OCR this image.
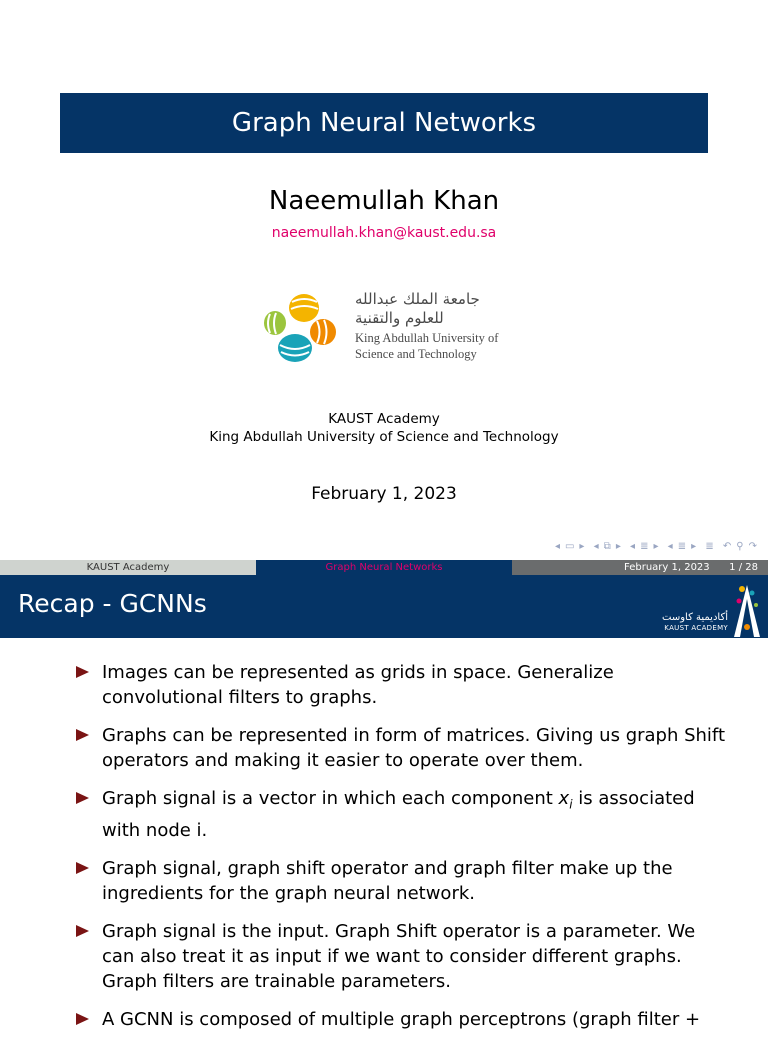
Graph Neural Networks
Naeemullah Khan
naeemullah.khan@kaust.edu.sa
جامعة الملك عبدالله
للعلوم والتقنية
King Abdullah University of
Science and Technology
KAUST Academy
King Abdullah University of Science and Technology
February 1, 2023
◂ ▭ ▸ ◂ ⧉ ▸ ◂ ≣ ▸ ◂ ≣ ▸ ≣ ↶ ⚲ ↷
KAUST Academy	Graph Neural Networks	February 1, 2023 1 / 28
Recap - GCNNs	أكاديمية كاوست
KAUST ACADEMY
Images can be represented as grids in space. Generalize convolutional filters to graphs.
Graphs can be represented in form of matrices. Giving us graph Shift operators and making it easier to operate over them.
Graph signal is a vector in which each component $x_i$ is associated with node i.
Graph signal, graph shift operator and graph filter make up the ingredients for the graph neural network.
Graph signal is the input. Graph Shift operator is a parameter. We can also treat it as input if we want to consider different graphs. Graph filters are trainable parameters.
A GCNN is composed of multiple graph perceptrons (graph filter +
